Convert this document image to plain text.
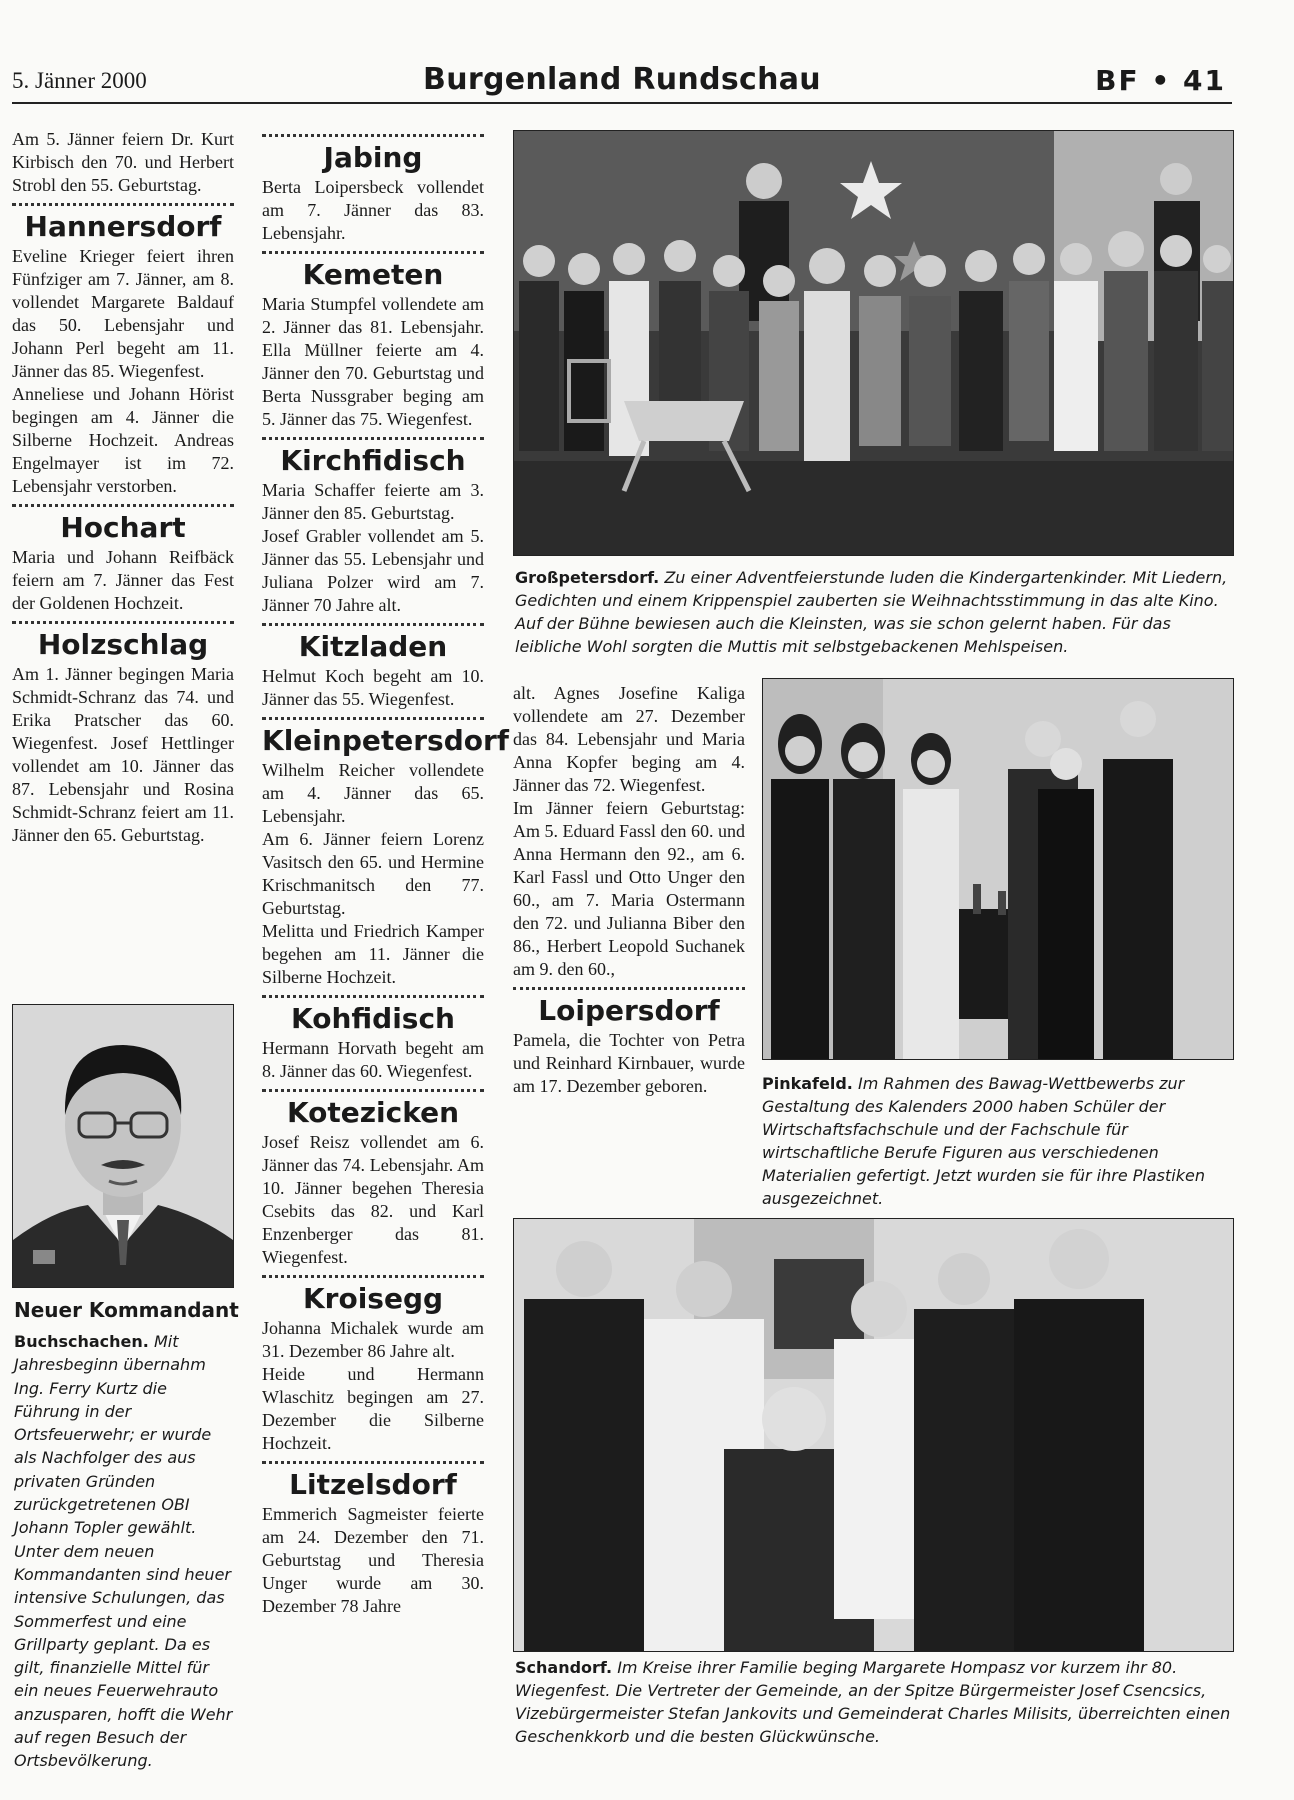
5. Jänner 2000	Burgenland Rundschau	BF • 41

Am 5. Jänner feiern Dr. Kurt Kirbisch den 70. und Herbert Strobl den 55. Geburtstag.

Hannersdorf

Eveline Krieger feiert ihren Fünfziger am 7. Jänner, am 8. vollendet Margarete Baldauf das 50. Lebensjahr und Johann Perl begeht am 11. Jänner das 85. Wiegenfest.

Anneliese und Johann Hörist begingen am 4. Jänner die Silberne Hochzeit. Andreas Engelmayer ist im 72. Lebensjahr verstorben.

Hochart

Maria und Johann Reifbäck feiern am 7. Jänner das Fest der Goldenen Hochzeit.

Holzschlag

Am 1. Jänner begingen Maria Schmidt-Schranz das 74. und Erika Pratscher das 60. Wiegenfest. Josef Hettlinger vollendet am 10. Jänner das 87. Lebensjahr und Rosina Schmidt-Schranz feiert am 11. Jänner den 65. Geburtstag.

Neuer Kommandant
Buchschachen. Mit Jahresbeginn übernahm Ing. Ferry Kurtz die Führung in der Ortsfeuerwehr; er wurde als Nachfolger des aus privaten Gründen zurückgetretenen OBI Johann Topler gewählt. Unter dem neuen Kommandanten sind heuer intensive Schulungen, das Sommerfest und eine Grillparty geplant. Da es gilt, finanzielle Mittel für ein neues Feuerwehrauto anzusparen, hofft die Wehr auf regen Besuch der Ortsbevölkerung.
Jabing

Berta Loipersbeck vollendet am 7. Jänner das 83. Lebensjahr.

Kemeten

Maria Stumpfel vollendete am 2. Jänner das 81. Lebensjahr. Ella Müllner feierte am 4. Jänner den 70. Geburtstag und Berta Nussgraber beging am 5. Jänner das 75. Wiegenfest.

Kirchfidisch

Maria Schaffer feierte am 3. Jänner den 85. Geburtstag.

Josef Grabler vollendet am 5. Jänner das 55. Lebensjahr und Juliana Polzer wird am 7. Jänner 70 Jahre alt.

Kitzladen

Helmut Koch begeht am 10. Jänner das 55. Wiegenfest.

Kleinpetersdorf

Wilhelm Reicher vollendete am 4. Jänner das 65. Lebensjahr.

Am 6. Jänner feiern Lorenz Vasitsch den 65. und Hermine Krischmanitsch den 77. Geburtstag.

Melitta und Friedrich Kamper begehen am 11. Jänner die Silberne Hochzeit.

Kohfidisch

Hermann Horvath begeht am 8. Jänner das 60. Wiegenfest.

Kotezicken

Josef Reisz vollendet am 6. Jänner das 74. Lebensjahr. Am 10. Jänner begehen Theresia Csebits das 82. und Karl Enzenberger das 81. Wiegenfest.

Kroisegg

Johanna Michalek wurde am 31. Dezember 86 Jahre alt.

Heide und Hermann Wlaschitz begingen am 27. Dezember die Silberne Hochzeit.

Litzelsdorf

Emmerich Sagmeister feierte am 24. Dezember den 71. Geburtstag und Theresia Unger wurde am 30. Dezember 78 Jahre

alt. Agnes Josefine Kaliga vollendete am 27. Dezember das 84. Lebensjahr und Maria Anna Kopfer beging am 4. Jänner das 72. Wiegenfest.

Im Jänner feiern Geburtstag: Am 5. Eduard Fassl den 60. und Anna Hermann den 92., am 6. Karl Fassl und Otto Unger den 60., am 7. Maria Ostermann den 72. und Julianna Biber den 86., Herbert Leopold Suchanek am 9. den 60.,

Loipersdorf

Pamela, die Tochter von Petra und Reinhard Kirnbauer, wurde am 17. Dezember geboren.

Großpetersdorf. Zu einer Adventfeierstunde luden die Kindergartenkinder. Mit Liedern, Gedichten und einem Krippenspiel zauberten sie Weihnachtsstimmung in das alte Kino. Auf der Bühne bewiesen auch die Kleinsten, was sie schon gelernt haben. Für das leibliche Wohl sorgten die Muttis mit selbstgebackenen Mehlspeisen.
Pinkafeld. Im Rahmen des Bawag-Wettbewerbs zur Gestaltung des Kalenders 2000 haben Schüler der Wirtschaftsfachschule und der Fachschule für wirtschaftliche Berufe Figuren aus verschiedenen Materialien gefertigt. Jetzt wurden sie für ihre Plastiken ausgezeichnet.
Schandorf. Im Kreise ihrer Familie beging Margarete Hompasz vor kurzem ihr 80. Wiegenfest. Die Vertreter der Gemeinde, an der Spitze Bürgermeister Josef Csencsics, Vizebürgermeister Stefan Jankovits und Gemeinderat Charles Milisits, überreichten einen Geschenkkorb und die besten Glückwünsche.
